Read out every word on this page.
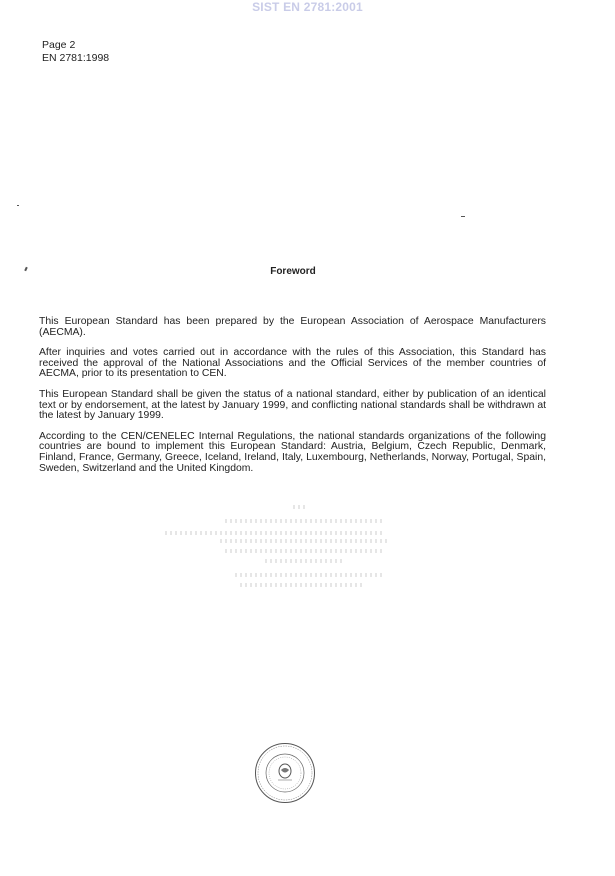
SIST EN 2781:2001
Page 2
EN 2781:1998
Foreword

This European Standard has been prepared by the European Association of Aerospace Manufacturers (AECMA).

After inquiries and votes carried out in accordance with the rules of this Association, this Standard has received the approval of the National Associations and the Official Services of the member countries of AECMA, prior to its presentation to CEN.

This European Standard shall be given the status of a national standard, either by publication of an identical text or by endorsement, at the latest by January 1999, and conflicting national standards shall be withdrawn at the latest by January 1999.

According to the CEN/CENELEC Internal Regulations, the national standards organizations of the following countries are bound to implement this European Standard: Austria, Belgium, Czech Republic, Denmark, Finland, France, Germany, Greece, Iceland, Ireland, Italy, Luxembourg, Netherlands, Norway, Portugal, Spain, Sweden, Switzerland and the United Kingdom.
